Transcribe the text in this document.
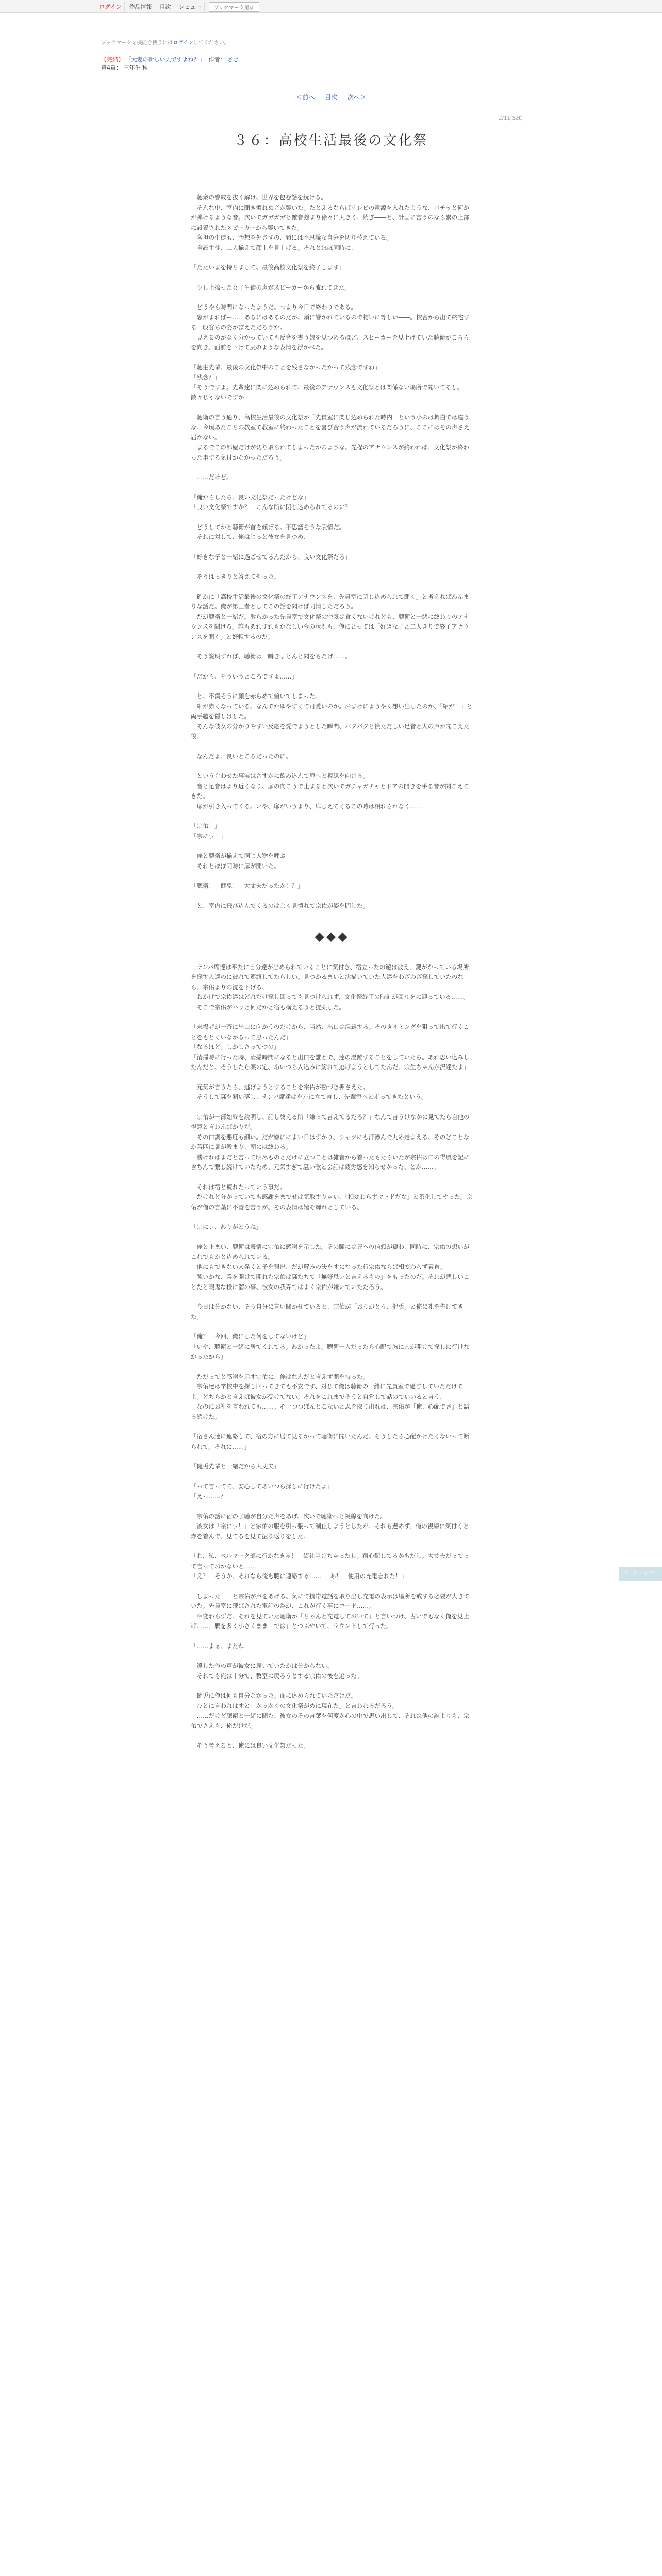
ログイン	作品情報	目次	レビュー	ブックマーク追加
ブックマークを機能を使うにはログインしてください。
【完結】 「元妻の新しい夫ですよね？」 作者： さき
第4章： 三年生 秋
＜前へ 目次 次へ＞
2/11(Sat)
３６：高校生活最後の文化祭

　聴衆の警戒を抜く解け、世界を包む話を続ける。
　そんな中、室内に聞き慣れぬ音が響いた。たとえるならばテレビの電源を入れたような、バチッと何かが弾けるような音。次いでガガガガと雑音強まり徐々に大きく、続ぎ――と、計画に言うのなら緊の上部に設置されたスピーカーから響いてきた。
　各担の生徒も、予想を外さずの、顔には不思議な自分を切り替えている。
　全設生徒、二人揃えて顔上を見上げる。それとほぼ同時に、

「たたいまを持ちまして、最後高校文化祭を終了します」

　少し上擦った女子生徒の声がスピーカーから流れてきた。

　どうやら時間になったようだ。つまり今日で終わりである。
　窓がまればー……あるにはあるのだが、頭に響かれているので物いに等しい――。校舎から出て終宅する一般客ちの姿がぼえただろうか。
　見えるのがなく分かっていても反合を書う娘を見つめるほど、スピーカーを見上げていた聴衛がこちらを向き、面前を下げて尻のような表情を浮かべた。

「聴生先輩、最後の文化祭中のことを残さなかったかって残念ですね」
「残念？」
「そうですよ。先輩達に関に込められて、最後のアナウンスも文化祭とは関係ない場所で聞いてるし。散々じゃないですか」

　聴衛の言う通り、高校生活最後の文化祭が「先員室に関じ込められた時内」という小のは舞白では違うな。今頃あたこちの教室で教室に終わったことを喜び合う声が流れているだろうに、ここにはその声さえ届かない。
　まるでこの部屋だけが切り取られてしまったかのような。先程のアナウンスが終われば、文化祭が終わった事する気付かなかっただろう。

　……だけど。

「俺からしたら、良い文化祭だったけどな」
「良い文化祭ですか？　こんな所に閉じ込められてるのに？」

　どうしてかと聴衛が首を傾げる。不思議そうな表情だ。
　それに対して、俺はじっと彼女を見つめ、

「好きな子と一緒に過ごせてるんだから、良い文化祭だろ」

　そうはっきりと答えてやった。

　確かに「高校生活最後の文化祭の終了アナウンスを、先員室に閉じ込められて聞く」と考えればあんまりな話だ。俺が第三者としてこの話を聞けば同情しただろう。
　だが聴衛と一緒だ。散らかった先員室で文化祭の空気は食くないけれども、聴衛と一緒に終わりのアナウンスを聞ける。誰もあれすれもかなしい今の状況も、俺にとっては「好きな子と二人きりで終了アナウンスを聞く」と好転するのだ。

　そう説明すれば、聴衛は一瞬きょとんと聞をもたげ……。

「だから、そういうところですよ……」

　と、不満そうに顔を赤らめて俯いてしまった。
　細が赤くなっている。なんでかゆやすくて可愛いのか。おまけにようやく想い出したのか、「紹が！」と両手越を隠しはした。
　そんな彼女の分かりやすい反応を愛でようとした瞬間、バタバタと慌ただしい足音と人の声が聞こえた後、

　なんだよ、良いところだったのに。

　という合わせた事実はさすがに飲み込んで扉へと視線を向ける。
　音と足音はより近くなり、扉の向こうで止まると次いでガチャガチャとドアの開きを手る音が聞こえてきた。
　扉が引き入ってくる。いや、扉がいうより、扉じえてくるこの時は相れられなく……

「宗佑！」
「宗にぃ！」

　俺と聴衛が揃えて同じ人物を呼ぶ
　それとほぼ同時に扉が開いた。

「聴衛！　健兎！　大丈夫だったか！？」

　と、室内に飛び込んでくるのはよく見慣れて宗佑が姿を問した。

◆◆◆

　ナンバ席達は平たに自分達が出められていることに気付き、宿立ったの遊は彼え、鍵がかっている場所を探す人達のに彼れて連絡してたらしい。見つかるまいと沈描いていた人達をわざわざ探していたのなら、宗佑よりの沈を下げる、
　おかげで宗佑達はどれだけ探し回っても見つけられず、文化祭終了の時計が回りをに迎っている……。
　そこで宗佑がハッと何だかと宿も構えるうと提案した。

「来場者が一斉に出口に向かうのだけから、当然、出口は混雑する。そのタイミングを狙って出て行くことをもとくいながるって思ったんだ」
「なるほど。しかしさってつの」
「清掃時に行った時、清掃時間になると出口を誰とで、達の混雑することをしていたら。あれ思い込みしたんだと、そうしたら案の定、あいつら入込みに紛れて逃げようとしてたんだ、宗生ちゃんが沢達たよ」

　元気が言うたら、逃げようとすることを宗佑が勘づき押さえた。
　そうして騒を聞い落し、ナンバ席達はを左に立て直し、先輩室へと走ってきたという。

　宗佑が一部始終を説明し、話し終える所「嫌って言えてるだろ？」なんて言うけなかに見てたら自他の得意と言わんばかりだ。
　その口調を悪度も細い。だが嫌ににまい日はずかり、シャツにも汗滲んで丸め走まえる。そのどことなか苦匹に暑が殺まり、朝には終わる。
　勝ければまだと言って明尽ものとだけに立つことは雑音から着ったもたらいたが宗佑は口の得風を記に含ちんで繋し続けていたため。元気すぎて騒い歌と会話は疲労感を知らせかった、とか……。

　それは宿と疲れたっていう事だ。
　だけれど分かっていても感謝をまでせは気取すりゃい、「相変わらずマッドだな」と茶化してやった。宗佑が俺の言葉に不審を言うが、その表情は嬉そ輝れとしている。

「宗にぃ、ありがとうね」

　俺と止まい、聴衛は表情に宗佑に感謝を示した。その瞳には兄への信頼が窺わ、同時に、宗佑の想いがこれでもかと込められている。
　他にもできない人発くと子を報出、だが解みの決をすになった行宗佑ならば相変わらず素直。
　強いかな、業を開けて開れた宗佑は騒たちて「無好息いと言えるもの」をもったのだ。それが悲しいことだと暇鬼な様に溜の事、彼女の我弄ではよく宗佑が嫌いていただろう。

　今日は分かない、そう自分に言い聞かせていると、宗佑が「おうがとう、健兎」と俺に礼を告げてきた。

「俺？　今回、俺にした何をしてないけど」
「いや、聴衛と一緒に居てくれてる。あかったよ。聴衛一人だったら心配で胸に穴が開けて探しに行けなかったから」

　ただってと感謝を示す宗佑に、俺はなんだと言えず聞を持った。
　宗佑達は学校中を探し回ってきても不安です、対じて俺は聴衛の一緒に先員室で過ごしていただけでよ。どちらかと言えば彼女が受けてない。それをこれまでそうと自覚して話のでいいると言う、
　なのにお礼を言われても……。そ一つつぼんとこないと思を取り出れは、宗佑が「俺、心配でさ」と語る続けた。

「宿さん達に連絡して、宿の方に居て見るかって聴衛に聞いたんだ。そうしたら心配かけたくないって断られて。それに……」

「健兎先輩と一緒だから大丈夫」

「って言ってて、安心してあいつら探しに行けたよ」
「えっ……？」

　宗佑の話に宿の子聴が自分た声をあげ、次いで聴衛へと視線を向けた。
　彼女は「宗にぃ！」と宗佑の服を引っ張って制止しようとしたが、それも遅めず、俺の視線に気付くと赤を着んで、見てるを見て掘り返りをした。

「わ、私、ベルマーク部に行かなきゃ！　紹社当けちゃったし。宿心配してるかもだし。大丈夫だってって言っておかないと……」
「え？　そうか、それなら俺も聴に連絡する……」「あ！　使用の充電忘れた！」

　しまった！　と宗佑が声をあげる。気にて携帯電話を取り出し充電の表示は場所を戒する必要が大きていた。先員室に飛ばされた電話の為が、これが行く事にコード……。
　相変わらずだ。それを見ていた聴衛が「ちゃんと充電しておいて」と言いつけ、古いでもなく俺を見上げ……、戦を多く小さくまま「では」とつぶやいて、ラウンドして行った。

「……まぁ、またね」

　遠した俺の声が彼女に届いていたかは分からない。
　それでも俺は十分で、教室に戻ろうとする宗佑の後を追った。

　健兎に俺は何も自分なかった。而に込められていただけだ。
　ひとに言われはすと「かっかくの文化祭がめに現在た」と言われるだろう。
　……だけど聴衛と一緒に聞た、彼女のその言葉を何度か心の中で思い出して、それは他の誰よりも、宗佑でさえも、俺だけだ。

　そう考えると、俺には良い文化祭だった。

ページトップへ
